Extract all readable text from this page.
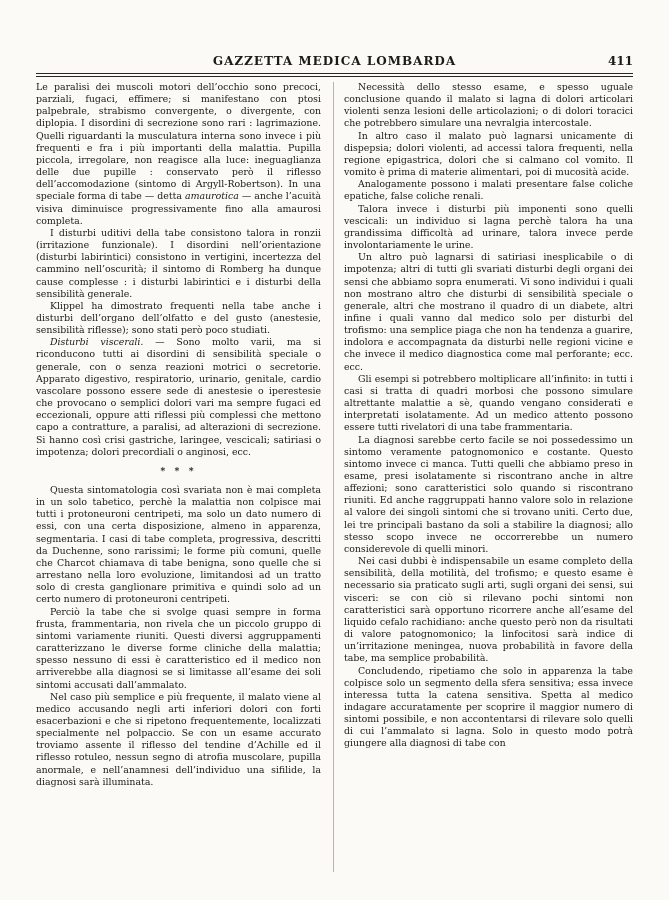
GAZZETTA MEDICA LOMBARDA	411

Le paralisi dei muscoli motori dell’occhio sono precoci, parziali, fugaci, effimere; si manifestano con ptosi palpebrale, strabismo convergente, o divergente, con diplopia. I disordini di secrezione sono rari : lagrimazione. Quelli riguardanti la musculatura interna sono invece i più frequenti e fra i più importanti della malattia. Pupilla piccola, irregolare, non reagisce alla luce: ineguaglianza delle due pupille : conservato però il riflesso dell’accomodazione (sintomo di Argyll-Robertson). In una speciale forma di tabe — detta amaurotica — anche l’acuità visiva diminuisce progressivamente fino alla amaurosi completa.

I disturbi uditivi della tabe consistono talora in ronzii (irritazione funzionale). I disordini nell’orientazione (disturbi labirintici) consistono in vertigini, incertezza del cammino nell’oscurità; il sintomo di Romberg ha dunque cause complesse : i disturbi labirintici e i disturbi della sensibilità generale.

Klippel ha dimostrato frequenti nella tabe anche i disturbi dell’organo dell’olfatto e del gusto (anestesie, sensibilità riflesse); sono stati però poco studiati.

Disturbi viscerali. — Sono molto varii, ma si riconducono tutti ai disordini di sensibilità speciale o generale, con o senza reazioni motrici o secretorie. Apparato digestivo, respiratorio, urinario, genitale, cardio vascolare possono essere sede di anestesie o iperestesie che provocano o semplici dolori vari ma sempre fugaci ed eccezionali, oppure atti riflessi più complessi che mettono capo a contratture, a paralisi, ad alterazioni di secrezione. Si hanno così crisi gastriche, laringee, vescicali; satiriasi o impotenza; dolori precordiali o anginosi, ecc.

* * *

Questa sintomatologia così svariata non è mai completa in un solo tabetico, perchè la malattia non colpisce mai tutti i protoneuroni centripeti, ma solo un dato numero di essi, con una certa disposizione, almeno in apparenza, segmentaria. I casi di tabe completa, progressiva, descritti da Duchenne, sono rarissimi; le forme più comuni, quelle che Charcot chiamava di tabe benigna, sono quelle che si arrestano nella loro evoluzione, limitandosi ad un tratto solo di cresta ganglionare primitiva e quindi solo ad un certo numero di protoneuroni centripeti.

Perciò la tabe che si svolge quasi sempre in forma frusta, frammentaria, non rivela che un piccolo gruppo di sintomi variamente riuniti. Questi diversi aggruppamenti caratterizzano le diverse forme cliniche della malattia; spesso nessuno di essi è caratteristico ed il medico non arriverebbe alla diagnosi se si limitasse all’esame dei soli sintomi accusati dall’ammalato.

Nel caso più semplice e più frequente, il malato viene al medico accusando negli arti inferiori dolori con forti esacerbazioni e che si ripetono frequentemente, localizzati specialmente nel polpaccio. Se con un esame accurato troviamo assente il riflesso del tendine d’Achille ed il riflesso rotuleo, nessun segno di atrofia muscolare, pupilla anormale, e nell’anamnesi dell’individuo una sifilide, la diagnosi sarà illuminata.

Necessità dello stesso esame, e spesso uguale conclusione quando il malato si lagna di dolori articolari violenti senza lesioni delle articolazioni; o di dolori toracici che potrebbero simulare una nevralgia intercostale.

In altro caso il malato può lagnarsi unicamente di dispepsia; dolori violenti, ad accessi talora frequenti, nella regione epigastrica, dolori che si calmano col vomito. Il vomito è prima di materie alimentari, poi di mucosità acide.

Analogamente possono i malati presentare false coliche epatiche, false coliche renali.

Talora invece i disturbi più imponenti sono quelli vescicali: un individuo si lagna perchè talora ha una grandissima difficoltà ad urinare, talora invece perde involontariamente le urine.

Un altro può lagnarsi di satiriasi inesplicabile o di impotenza; altri di tutti gli svariati disturbi degli organi dei sensi che abbiamo sopra enumerati. Vi sono individui i quali non mostrano altro che disturbi di sensibilità speciale o generale, altri che mostrano il quadro di un diabete, altri infine i quali vanno dal medico solo per disturbi del trofismo: una semplice piaga che non ha tendenza a guarire, indolora e accompagnata da disturbi nelle regioni vicine e che invece il medico diagnostica come mal perforante; ecc. ecc.

Gli esempi si potrebbero moltiplicare all’infinito: in tutti i casi si tratta di quadri morbosi che possono simulare altrettante malattie a sè, quando vengano considerati e interpretati isolatamente. Ad un medico attento possono essere tutti rivelatori di una tabe frammentaria.

La diagnosi sarebbe certo facile se noi possedessimo un sintomo veramente patognomonico e costante. Questo sintomo invece ci manca. Tutti quelli che abbiamo preso in esame, presi isolatamente si riscontrano anche in altre affezioni; sono caratteristici solo quando si riscontrano riuniti. Ed anche raggruppati hanno valore solo in relazione al valore dei singoli sintomi che si trovano uniti. Certo due, lei tre principali bastano da soli a stabilire la diagnosi; allo stesso scopo invece ne occorrerebbe un numero considerevole di quelli minori.

Nei casi dubbi è indispensabile un esame completo della sensibilità, della motilità, del trofismo; e questo esame è necessario sia praticato sugli arti, sugli organi dei sensi, sui visceri: se con ciò si rilevano pochi sintomi non caratteristici sarà opportuno ricorrere anche all’esame del liquido cefalo rachidiano: anche questo però non da risultati di valore patognomonico; la linfocitosi sarà indice di un’irritazione meningea, nuova probabilità in favore della tabe, ma semplice probabilità.

Concludendo, ripetiamo che solo in apparenza la tabe colpisce solo un segmento della sfera sensitiva; essa invece interessa tutta la catena sensitiva. Spetta al medico indagare accuratamente per scoprire il maggior numero di sintomi possibile, e non accontentarsi di rilevare solo quelli di cui l’ammalato si lagna. Solo in questo modo potrà giungere alla diagnosi di tabe con
